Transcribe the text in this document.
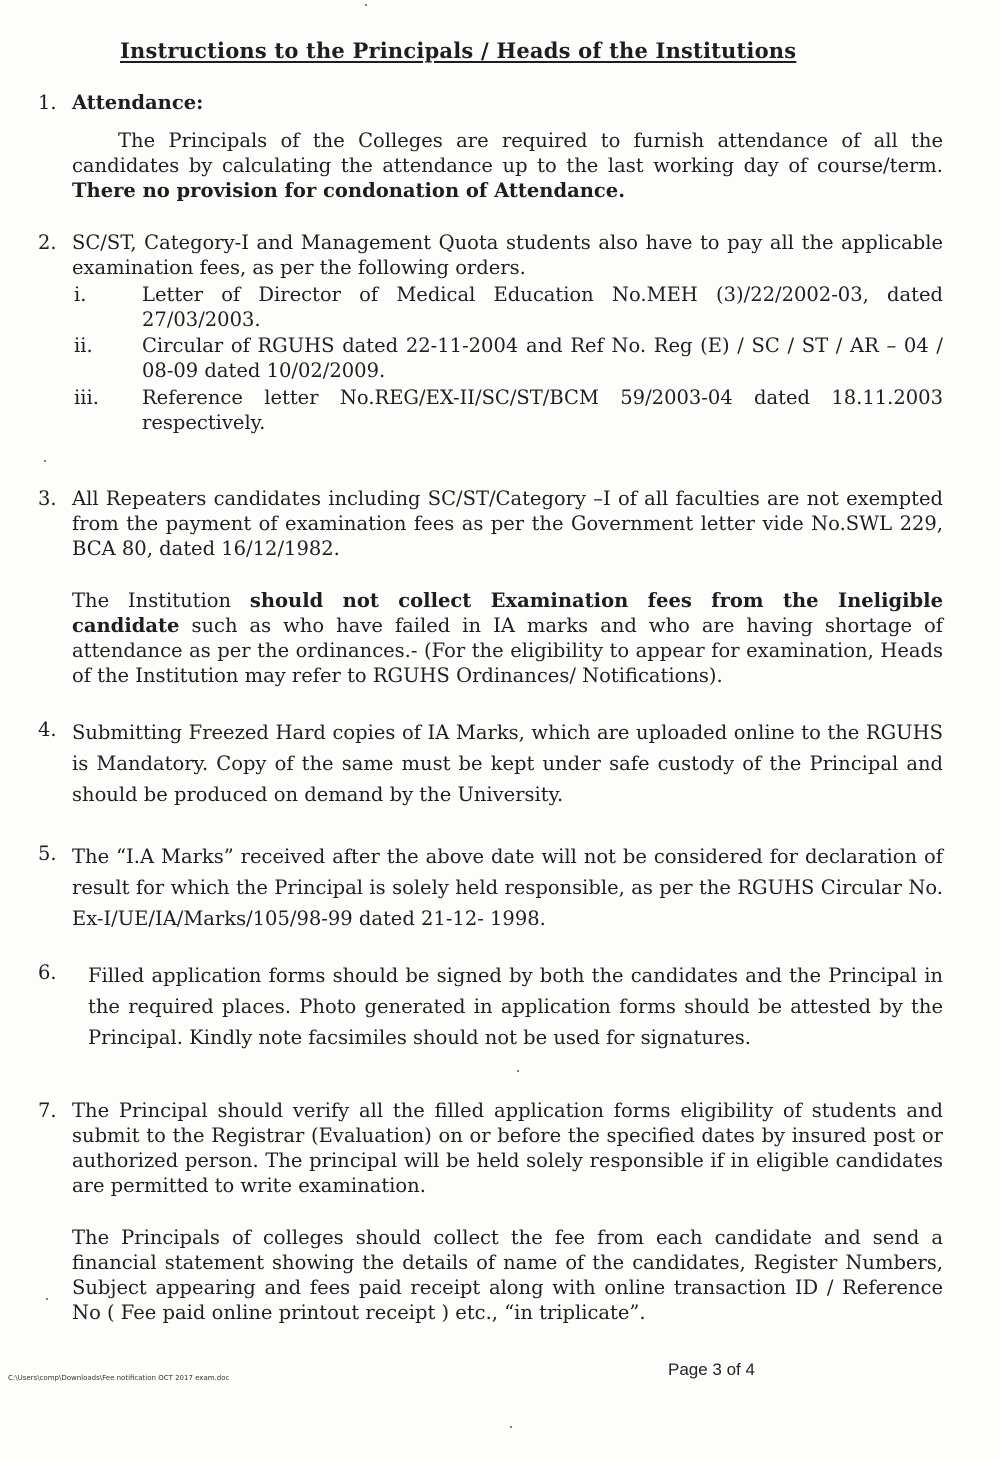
Instructions to the Principals / Heads of the Institutions
1. Attendance:
The Principals of the Colleges are required to furnish attendance of all the candidates by calculating the attendance up to the last working day of course/term. There no provision for condonation of Attendance.
2. SC/ST, Category-I and Management Quota students also have to pay all the applicable examination fees, as per the following orders.
i.	Letter of Director of Medical Education No.MEH (3)/22/2002-03, dated 27/03/2003.
ii.	Circular of RGUHS dated 22-11-2004 and Ref No. Reg (E) / SC / ST / AR – 04 / 08-09 dated 10/02/2009.
iii. Reference letter No.REG/EX-II/SC/ST/BCM 59/2003-04 dated 18.11.2003 respectively.
3. All Repeaters candidates including SC/ST/Category –I of all faculties are not exempted from the payment of examination fees as per the Government letter vide No.SWL 229, BCA 80, dated 16/12/1982.
The Institution should not collect Examination fees from the Ineligible candidate such as who have failed in IA marks and who are having shortage of attendance as per the ordinances.- (For the eligibility to appear for examination, Heads of the Institution may refer to RGUHS Ordinances/ Notifications).
4. Submitting Freezed Hard copies of IA Marks, which are uploaded online to the RGUHS is Mandatory. Copy of the same must be kept under safe custody of the Principal and should be produced on demand by the University.
5. The “I.A Marks” received after the above date will not be considered for declaration of result for which the Principal is solely held responsible, as per the RGUHS Circular No. Ex-I/UE/IA/Marks/105/98-99 dated 21-12- 1998.
6. Filled application forms should be signed by both the candidates and the Principal in the required places. Photo generated in application forms should be attested by the Principal. Kindly note facsimiles should not be used for signatures.
7. The Principal should verify all the filled application forms eligibility of students and submit to the Registrar (Evaluation) on or before the specified dates by insured post or authorized person. The principal will be held solely responsible if in eligible candidates are permitted to write examination.
The Principals of colleges should collect the fee from each candidate and send a financial statement showing the details of name of the candidates, Register Numbers, Subject appearing and fees paid receipt along with online transaction ID / Reference No ( Fee paid online printout receipt ) etc., “in triplicate”.
C:\Users\comp\Downloads\Fee notification OCT 2017 exam.doc	Page 3 of 4
